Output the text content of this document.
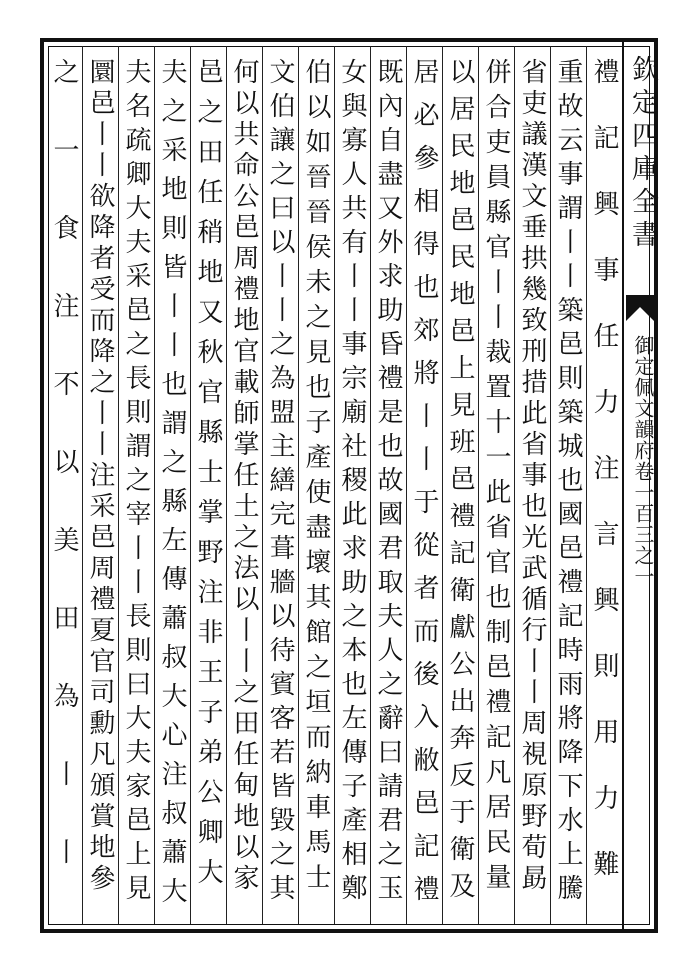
欽定四庫全書
御定佩文韻府卷一百三之一
禮記興事任力注言興則用力難
重故云事謂丨丨築邑則築城也國邑禮記時雨將降下水上騰
省吏議漢文垂拱幾致刑措此省事也光武循行丨丨周視原野荀勗
併合吏員縣官丨丨裁置十一此省官也制邑禮記凡居民量
以居民地邑民地邑上見班邑禮記衛獻公出奔反于衛及
居必參相得也郊將丨丨于從者而後入敝邑記禮
既內自盡又外求助昏禮是也故國君取夫人之辭曰請君之玉
女與寡人共有丨丨事宗廟社稷此求助之本也左傳子產相鄭
伯以如晉晉侯未之見也子產使盡壞其館之垣而納車馬士
文伯讓之曰以丨丨之為盟主繕完葺牆以待賓客若皆毀之其
何以共命公邑周禮地官載師掌任土之法以丨丨之田任甸地以家
邑之田任稍地又秋官縣士掌野注非王子弟公卿大
夫之采地則皆丨丨也謂之縣左傳蕭叔大心注叔蕭大
夫名疏卿大夫采邑之長則謂之宰丨丨長則曰大夫家邑上見
圜邑丨丨欲降者受而降之丨丨注采邑周禮夏官司勳凡頒賞地參
之一食注不以美田為丨丨
